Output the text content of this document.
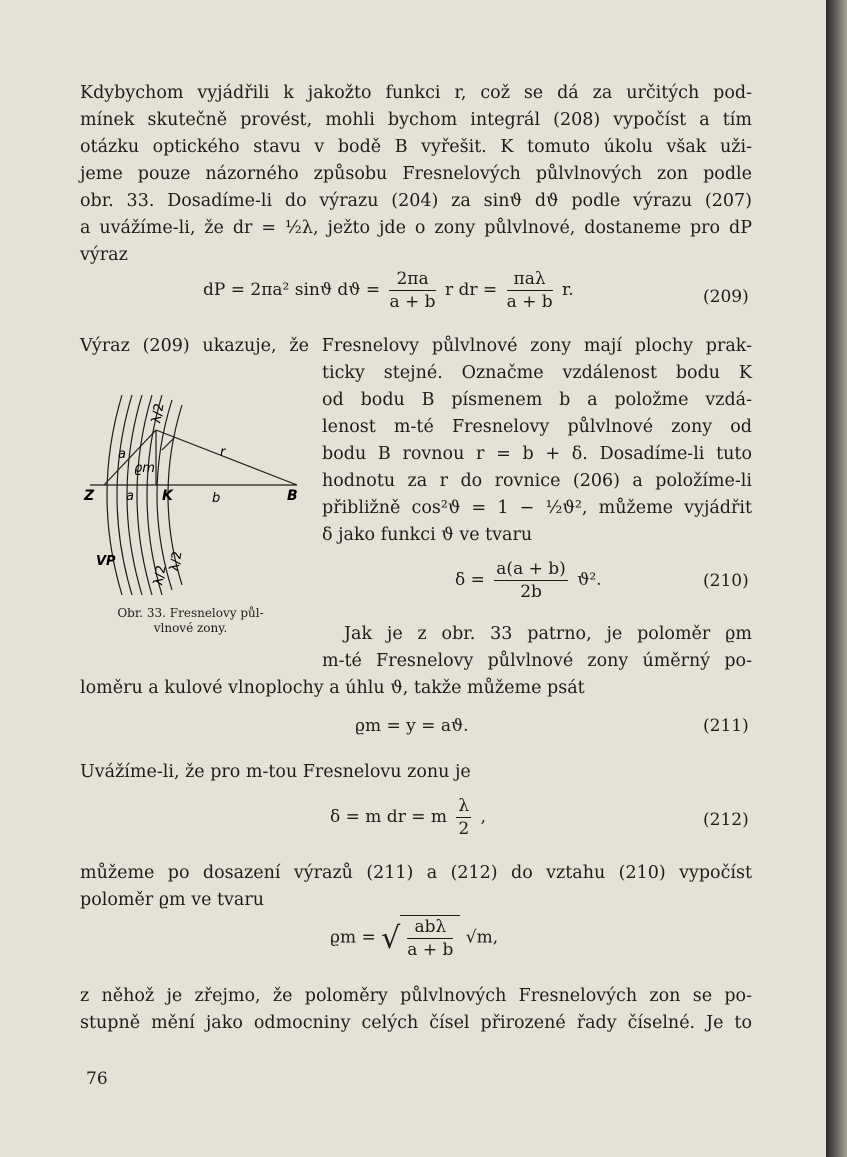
Kdybychom vyjádřili k jakožto funkci r, což se dá za určitých pod-
mínek skutečně provést, mohli bychom integrál (208) vypočíst a tím
otázku optického stavu v bodě B vyřešit. K tomuto úkolu však uži-
jeme pouze názorného způsobu Fresnelových půlvlnových zon podle
obr. 33. Dosadíme-li do výrazu (204) za sinϑ dϑ podle výrazu (207)
a uvážíme-li, že dr = ½λ, ježto jde o zony půlvlnové, dostaneme pro dP
výraz
dP = 2πa² sinϑ $dϑ = \frac{2\pi a}{a + b}$ r dr = $\frac{\text{πaλ}}{a + b} r$.	(209)
Výraz (209) ukazuje, že Fresnelovy půlvlnové zony mají plochy prak-
ticky stejné. Označme vzdálenost bodu K
od bodu B písmenem b a položme vzdá-
lenost m-té Fresnelovy půlvlnové zony od
bodu B rovnou r = b + δ. Dosadíme-li tuto
hodnotu za r do rovnice (206) a položíme-li
přibližně cos²ϑ = 1 − ½ϑ², můžeme vyjádřit
δ jako funkci ϑ ve tvaru
λ/2
a
ϱm
r
Z a K	b	B
VP	λ/2
λ/2
Obr. 33. Fresnelovy půl-
vlnové zony.
$\delta = \frac{a(a + b)}{2b} ϑ^2$.	(210)
Jak je z obr. 33 patrno, je poloměr ϱm
m-té Fresnelovy půlvlnové zony úměrný po-
loměru a kulové vlnoplochy a úhlu ϑ, takže můžeme psát
ϱm = y = aϑ.	(211)
Uvážíme-li, že pro m-tou Fresnelovu zonu je
δ = m dr = m $\frac{\lambda}{2}$ ,	(212)
můžeme po dosazení výrazů (211) a (212) do vztahu (210) vypočíst
poloměr ϱm ve tvaru
ϱm = √ $\frac{\text{abλ}}{a + b} √m$,
z něhož je zřejmo, že poloměry půlvlnových Fresnelových zon se po-
stupně mění jako odmocniny celých čísel přirozené řady číselné. Je to
76
